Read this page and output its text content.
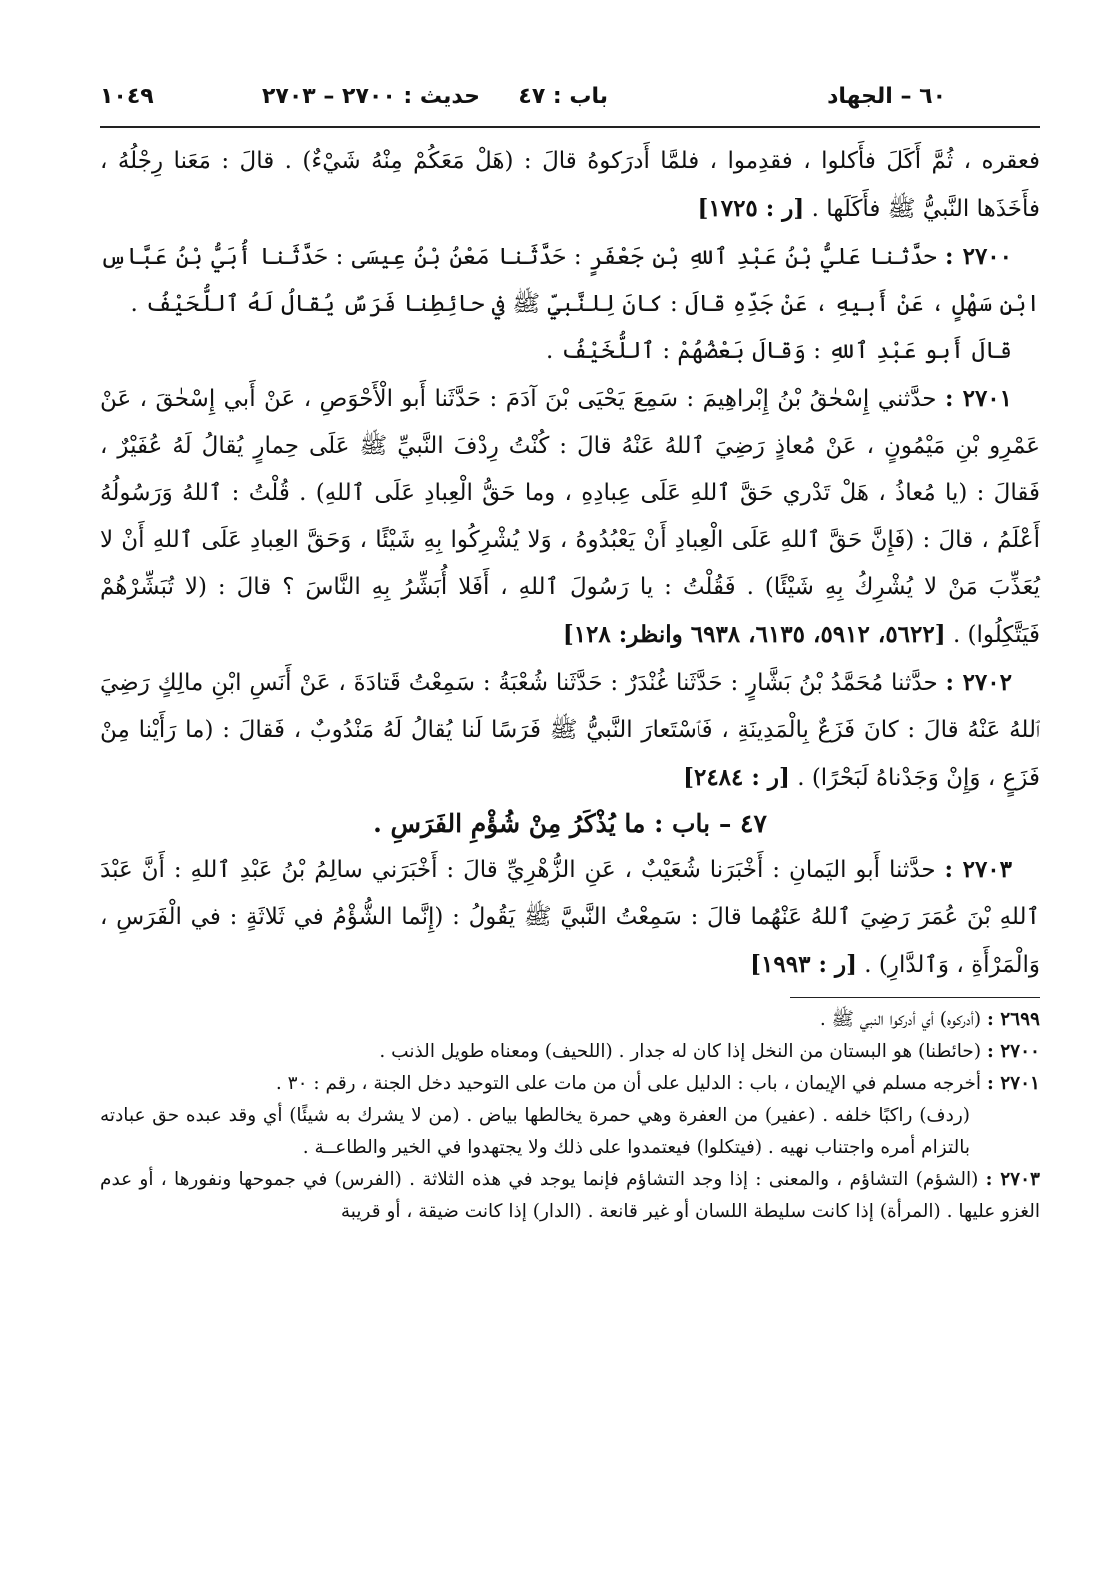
٦٠ – الجهاد
باب : ٤٧
حديث : ٢٧٠٠ – ٢٧٠٣
١٠٤٩

فعقره ، ثُمَّ أَكَلَ فأَكلوا ، فقدِموا ، فلمَّا أَدرَكوهُ قالَ : (هَلْ مَعَكُمْ مِنْهُ شَيْءٌ) . قالَ : مَعَنا رِجْلُهُ ، فأَخَذَها النَّبيُّ ﷺ فأَكَلَها . [ر : ١٧٢٥]

٢٧٠٠ : حدَّثنا عَليُّ بْنُ عَبْدِ ٱللهِ بْنِ جَعْفَرٍ : حَدَّثَنا مَعْنُ بْنُ عِيسَى : حَدَّثَنا أُبَيُّ بْنُ عَبَّاسِ ابْنِ سَهْلٍ ، عَنْ أَبيهِ ، عَنْ جَدِّهِ قالَ : كانَ لِلنَّبيِّ ﷺ في حائِطِنا فَرَسٌ يُقالُ لَهُ ٱللُّحَيْفُ .

قالَ أَبو عَبْدِ ٱللهِ : وَقالَ بَعْضُهُمْ : ٱللُّخَيْفُ .

٢٧٠١ : حدَّثني إِسْحٰقُ بْنُ إِبْراهِيمَ : سَمِعَ يَحْيَى بْنَ آدَمَ : حَدَّثَنا أَبو الْأَحْوَصِ ، عَنْ أَبي إِسْحٰقَ ، عَنْ عَمْرِو بْنِ مَيْمُونٍ ، عَنْ مُعاذٍ رَضِيَ ٱللهُ عَنْهُ قالَ : كُنْتُ رِدْفَ النَّبيِّ ﷺ عَلَى حِمارٍ يُقالُ لَهُ عُفَيْرٌ ، فَقالَ : (يا مُعاذُ ، هَلْ تَدْري حَقَّ ٱللهِ عَلَى عِبادِهِ ، وما حَقُّ الْعِبادِ عَلَى ٱللهِ) . قُلْتُ : ٱللهُ وَرَسُولُهُ أَعْلَمُ ، قالَ : (فَإِنَّ حَقَّ ٱللهِ عَلَى الْعِبادِ أَنْ يَعْبُدُوهُ ، وَلا يُشْرِكُوا بِهِ شَيْئًا ، وَحَقَّ العِبادِ عَلَى ٱللهِ أَنْ لا يُعَذِّبَ مَنْ لا يُشْرِكُ بِهِ شَيْئًا) . فَقُلْتُ : يا رَسُولَ ٱللهِ ، أَفَلا أُبَشِّرُ بِهِ النَّاسَ ؟ قالَ : (لا تُبَشِّرْهُمْ فَيَتَّكِلُوا) . [٥٦٢٢، ٥٩١٢، ٦١٣٥، ٦٩٣٨ وانظر: ١٢٨]

٢٧٠٢ : حدَّثنا مُحَمَّدُ بْنُ بَشَّارٍ : حَدَّثَنا غُنْدَرٌ : حَدَّثَنا شُعْبَةُ : سَمِعْتُ قَتادَةَ ، عَنْ أَنَسِ ابْنِ مالِكٍ رَضِيَ ٱللهُ عَنْهُ قالَ : كانَ فَزَعٌ بِالْمَدِينَةِ ، فَٱسْتَعارَ النَّبيُّ ﷺ فَرَسًا لَنا يُقالُ لَهُ مَنْدُوبٌ ، فَقالَ : (ما رَأَيْنا مِنْ فَزَعٍ ، وَإِنْ وَجَدْناهُ لَبَحْرًا) . [ر : ٢٤٨٤]

٤٧ – باب : ما يُذْكَرُ مِنْ شُؤْمِ الفَرَسِ .

٢٧٠٣ : حدَّثنا أَبو اليَمانِ : أَخْبَرَنا شُعَيْبٌ ، عَنِ الزُّهْرِيِّ قالَ : أَخْبَرَني سالِمُ بْنُ عَبْدِ ٱللهِ : أَنَّ عَبْدَ ٱللهِ بْنَ عُمَرَ رَضِيَ ٱللهُ عَنْهُما قالَ : سَمِعْتُ النَّبيَّ ﷺ يَقُولُ : (إِنَّما الشُّؤْمُ في ثَلاثَةٍ : في الْفَرَسِ ، وَالْمَرْأَةِ ، وَٱلدَّارِ) . [ر : ١٩٩٣]

٢٦٩٩ : (أدركوه) أي أدركوا النبي ﷺ .

٢٧٠٠ : (حائطنا) هو البستان من النخل إذا كان له جدار . (اللحيف) ومعناه طويل الذنب .

٢٧٠١ : أخرجه مسلم في الإيمان ، باب : الدليل على أن من مات على التوحيد دخل الجنة ، رقم : ٣٠ .

(ردف) راكبًا خلفه . (عفير) من العفرة وهي حمرة يخالطها بياض . (من لا يشرك به شيئًا) أي وقد عبده حق عبادته بالتزام أمره واجتناب نهيه . (فيتكلوا) فيعتمدوا على ذلك ولا يجتهدوا في الخير والطاعــة .

٢٧٠٣ : (الشؤم) التشاؤم ، والمعنى : إذا وجد التشاؤم فإنما يوجد في هذه الثلاثة . (الفرس) في جموحها ونفورها ، أو عدم الغزو عليها . (المرأة) إذا كانت سليطة اللسان أو غير قانعة . (الدار) إذا كانت ضيقة ، أو قريبة
